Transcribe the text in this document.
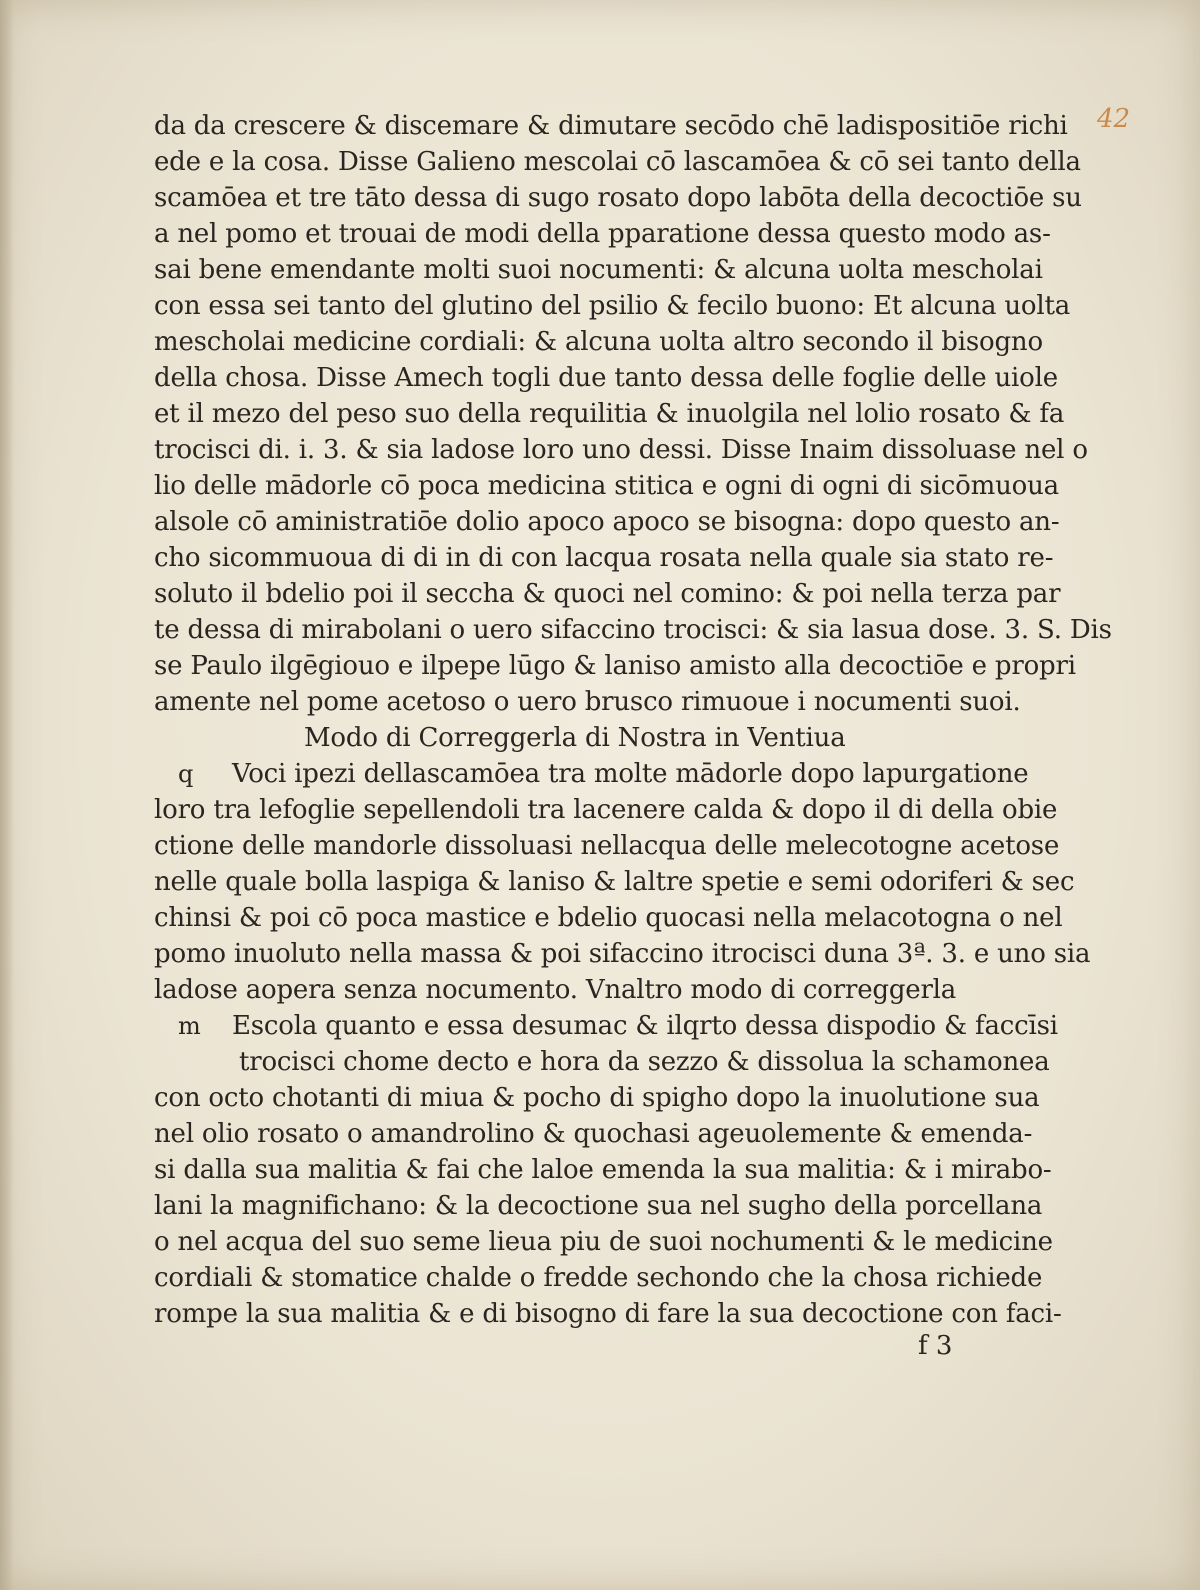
42
da da crescere & discemare & dimutare secōdo chē ladispositiōe richi
ede e la cosa. Disse Galieno mescolai cō lascamōea & cō sei tanto della
scamōea et tre tāto dessa di sugo rosato dopo labōta della decoctiōe su
a nel pomo et trouai de modi della pparatione dessa questo modo as-
sai bene emendante molti suoi nocumenti: & alcuna uolta mescholai
con essa sei tanto del glutino del psilio & fecilo buono: Et alcuna uolta
mescholai medicine cordiali: & alcuna uolta altro secondo il bisogno
della chosa. Disse Amech togli due tanto dessa delle foglie delle uiole
et il mezo del peso suo della requilitia & inuolgila nel lolio rosato & fa
trocisci di. i. 3. & sia ladose loro uno dessi. Disse Inaim dissoluase nel o
lio delle mādorle cō poca medicina stitica e ogni di ogni di sicōmuoua
alsole cō aministratiōe dolio apoco apoco se bisogna: dopo questo an-
cho sicommuoua di di in di con lacqua rosata nella quale sia stato re-
soluto il bdelio poi il seccha & quoci nel comino: & poi nella terza par
te dessa di mirabolani o uero sifaccino trocisci: & sia lasua dose. 3. S. Dis
se Paulo ilgēgiouo e ilpepe lūgo & laniso amisto alla decoctiōe e propri
amente nel pome acetoso o uero brusco rimuoue i nocumenti suoi.
Modo di Correggerla di Nostra in Ventiua
q Voci ipezi dellascamōea tra molte mādorle dopo lapurgatione
loro tra lefoglie sepellendoli tra lacenere calda & dopo il di della obie
ctione delle mandorle dissoluasi nellacqua delle melecotogne acetose
nelle quale bolla laspiga & laniso & laltre spetie e semi odoriferi & sec
chinsi & poi cō poca mastice e bdelio quocasi nella melacotogna o nel
pomo inuoluto nella massa & poi sifaccino itrocisci duna 3ª. 3. e uno sia
ladose aopera senza nocumento. Vnaltro modo di correggerla
m Escola quanto e essa desumac & ilqrto dessa dispodio & faccīsi
trocisci chome decto e hora da sezzo & dissolua la schamonea
con octo chotanti di miua & pocho di spigho dopo la inuolutione sua
nel olio rosato o amandrolino & quochasi ageuolemente & emenda-
si dalla sua malitia & fai che laloe emenda la sua malitia: & i mirabo-
lani la magnifichano: & la decoctione sua nel sugho della porcellana
o nel acqua del suo seme lieua piu de suoi nochumenti & le medicine
cordiali & stomatice chalde o fredde sechondo che la chosa richiede
rompe la sua malitia & e di bisogno di fare la sua decoctione con faci-
f 3
